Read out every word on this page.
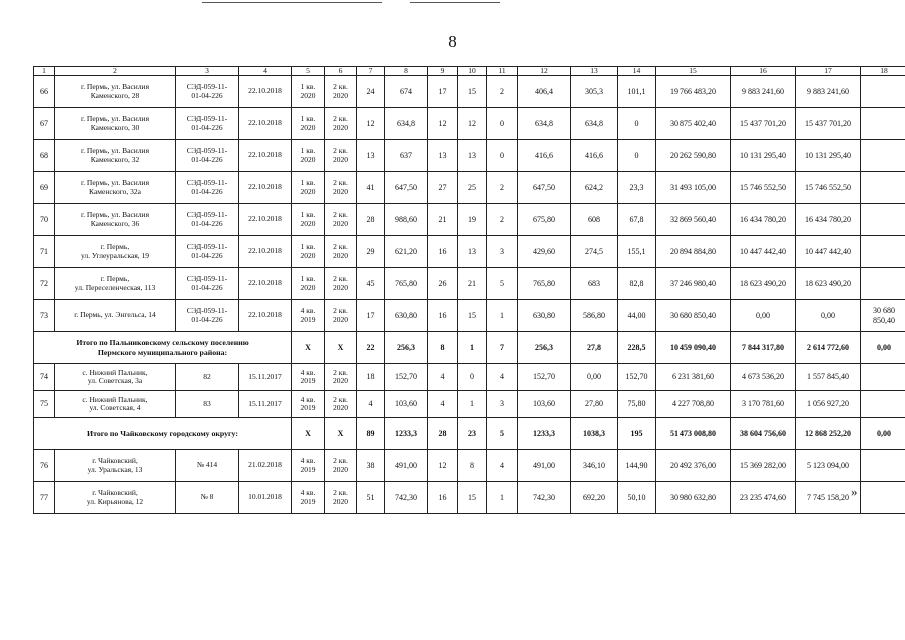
8
1	2	3	4	5	6	7	8	9	10	11	12	13	14	15	16	17	18
66	г. Пермь, ул. Василия
Каменского, 28	СЭД-059-11-
01-04-226	22.10.2018	1 кв.
2020	2 кв.
2020	24	674	17	15	2	406,4	305,3	101,1	19 766 483,20	9 883 241,60	9 883 241,60	
67	г. Пермь, ул. Василия
Каменского, 30	СЭД-059-11-
01-04-226	22.10.2018	1 кв.
2020	2 кв.
2020	12	634,8	12	12	0	634,8	634,8	0	30 875 402,40	15 437 701,20	15 437 701,20	
68	г. Пермь, ул. Василия
Каменского, 32	СЭД-059-11-
01-04-226	22.10.2018	1 кв.
2020	2 кв.
2020	13	637	13	13	0	416,6	416,6	0	20 262 590,80	10 131 295,40	10 131 295,40	
69	г. Пермь, ул. Василия
Каменского, 32а	СЭД-059-11-
01-04-226	22.10.2018	1 кв.
2020	2 кв.
2020	41	647,50	27	25	2	647,50	624,2	23,3	31 493 105,00	15 746 552,50	15 746 552,50	
70	г. Пермь, ул. Василия
Каменского, 36	СЭД-059-11-
01-04-226	22.10.2018	1 кв.
2020	2 кв.
2020	28	988,60	21	19	2	675,80	608	67,8	32 869 560,40	16 434 780,20	16 434 780,20	
71	г. Пермь,
ул. Углеуральская, 19	СЭД-059-11-
01-04-226	22.10.2018	1 кв.
2020	2 кв.
2020	29	621,20	16	13	3	429,60	274,5	155,1	20 894 884,80	10 447 442,40	10 447 442,40	
72	г. Пермь,
ул. Переселенческая, 113	СЭД-059-11-
01-04-226	22.10.2018	1 кв.
2020	2 кв.
2020	45	765,80	26	21	5	765,80	683	82,8	37 246 980,40	18 623 490,20	18 623 490,20	
73	г. Пермь, ул. Энгельса, 14	СЭД-059-11-
01-04-226	22.10.2018	4 кв.
2019	2 кв.
2020	17	630,80	16	15	1	630,80	586,80	44,00	30 680 850,40	0,00	0,00	30 680
850,40
Итого по Пальниковскому сельскому поселению
Пермского муниципального района:				Х	Х	22	256,3	8	1	7	256,3	27,8	228,5	10 459 090,40	7 844 317,80	2 614 772,60	0,00
74	с. Нижний Пальник,
ул. Советская, 3а	82	15.11.2017	4 кв.
2019	2 кв.
2020	18	152,70	4	0	4	152,70	0,00	152,70	6 231 381,60	4 673 536,20	1 557 845,40	
75	с. Нижний Пальник,
ул. Советская, 4	83	15.11.2017	4 кв.
2019	2 кв.
2020	4	103,60	4	1	3	103,60	27,80	75,80	4 227 708,80	3 170 781,60	1 056 927,20	
Итого по Чайковскому городскому округу:				Х	Х	89	1233,3	28	23	5	1233,3	1038,3	195	51 473 008,80	38 604 756,60	12 868 252,20	0,00
76	г. Чайковский,
ул. Уральская, 13	№ 414	21.02.2018	4 кв.
2019	2 кв.
2020	38	491,00	12	8	4	491,00	346,10	144,90	20 492 376,00	15 369 282,00	5 123 094,00	
77	г. Чайковский,
ул. Кирьянова, 12	№ 8	10.01.2018	4 кв.
2019	2 кв.
2020	51	742,30	16	15	1	742,30	692,20	50,10	30 980 632,80	23 235 474,60	7 745 158,20	»
